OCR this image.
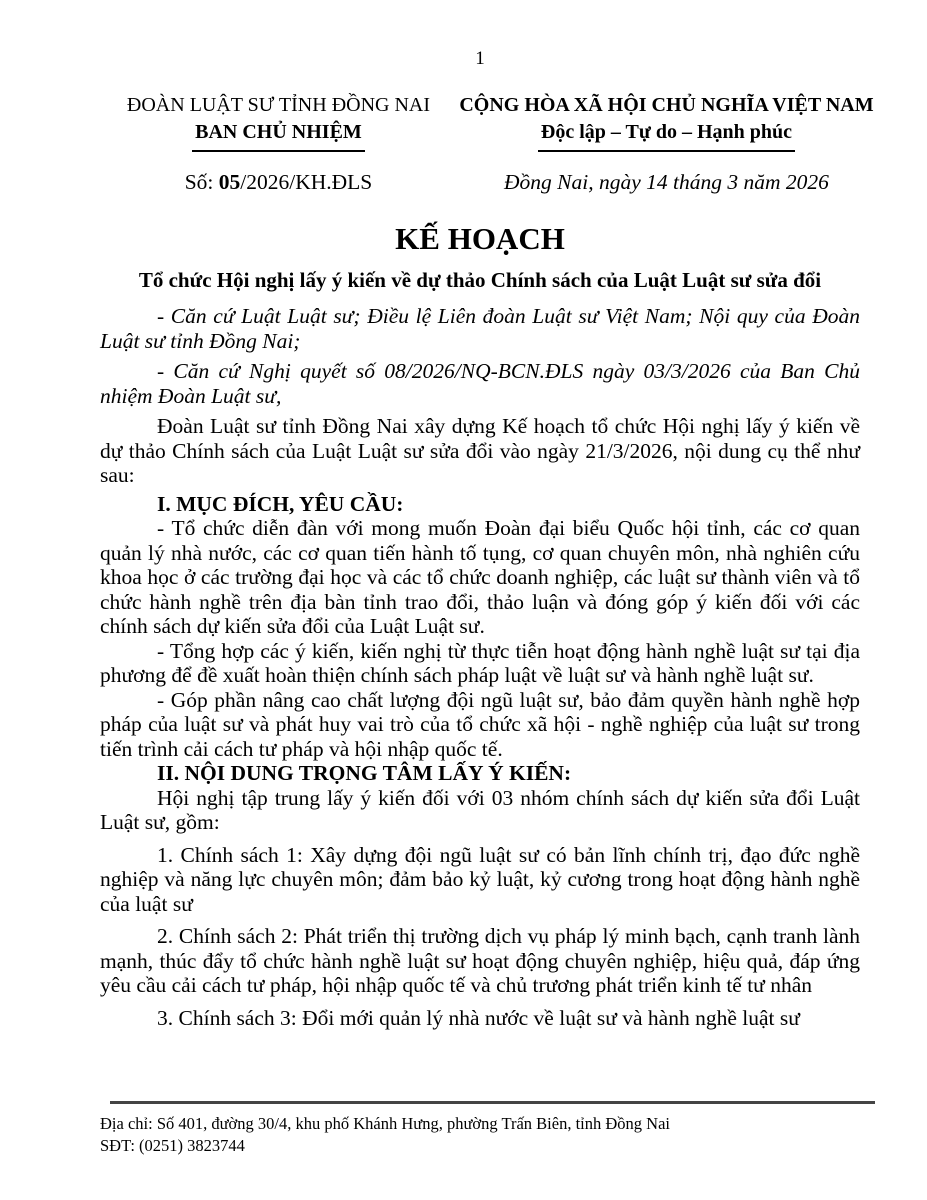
1
ĐOÀN LUẬT SƯ TỈNH ĐỒNG NAI
BAN CHỦ NHIỆM
Số: 05/2026/KH.ĐLS
CỘNG HÒA XÃ HỘI CHỦ NGHĨA VIỆT NAM
Độc lập – Tự do – Hạnh phúc
Đồng Nai, ngày 14 tháng 3 năm 2026
KẾ HOẠCH
Tổ chức Hội nghị lấy ý kiến về dự thảo Chính sách của Luật Luật sư sửa đổi

- Căn cứ Luật Luật sư; Điều lệ Liên đoàn Luật sư Việt Nam; Nội quy của Đoàn Luật sư tỉnh Đồng Nai;

- Căn cứ Nghị quyết số 08/2026/NQ-BCN.ĐLS ngày 03/3/2026 của Ban Chủ nhiệm Đoàn Luật sư,

Đoàn Luật sư tỉnh Đồng Nai xây dựng Kế hoạch tổ chức Hội nghị lấy ý kiến về dự thảo Chính sách của Luật Luật sư sửa đổi vào ngày 21/3/2026, nội dung cụ thể như sau:

I. MỤC ĐÍCH, YÊU CẦU:

- Tổ chức diễn đàn với mong muốn Đoàn đại biểu Quốc hội tỉnh, các cơ quan quản lý nhà nước, các cơ quan tiến hành tố tụng, cơ quan chuyên môn, nhà nghiên cứu khoa học ở các trường đại học và các tổ chức doanh nghiệp, các luật sư thành viên và tổ chức hành nghề trên địa bàn tỉnh trao đổi, thảo luận và đóng góp ý kiến đối với các chính sách dự kiến sửa đổi của Luật Luật sư.

- Tổng hợp các ý kiến, kiến nghị từ thực tiễn hoạt động hành nghề luật sư tại địa phương để đề xuất hoàn thiện chính sách pháp luật về luật sư và hành nghề luật sư.

- Góp phần nâng cao chất lượng đội ngũ luật sư, bảo đảm quyền hành nghề hợp pháp của luật sư và phát huy vai trò của tổ chức xã hội - nghề nghiệp của luật sư trong tiến trình cải cách tư pháp và hội nhập quốc tế.

II. NỘI DUNG TRỌNG TÂM LẤY Ý KIẾN:

Hội nghị tập trung lấy ý kiến đối với 03 nhóm chính sách dự kiến sửa đổi Luật Luật sư, gồm:

1. Chính sách 1: Xây dựng đội ngũ luật sư có bản lĩnh chính trị, đạo đức nghề nghiệp và năng lực chuyên môn; đảm bảo kỷ luật, kỷ cương trong hoạt động hành nghề của luật sư

2. Chính sách 2: Phát triển thị trường dịch vụ pháp lý minh bạch, cạnh tranh lành mạnh, thúc đẩy tổ chức hành nghề luật sư hoạt động chuyên nghiệp, hiệu quả, đáp ứng yêu cầu cải cách tư pháp, hội nhập quốc tế và chủ trương phát triển kinh tế tư nhân

3. Chính sách 3: Đổi mới quản lý nhà nước về luật sư và hành nghề luật sư

Địa chỉ: Số 401, đường 30/4, khu phố Khánh Hưng, phường Trấn Biên, tỉnh Đồng Nai
SĐT: (0251) 3823744
